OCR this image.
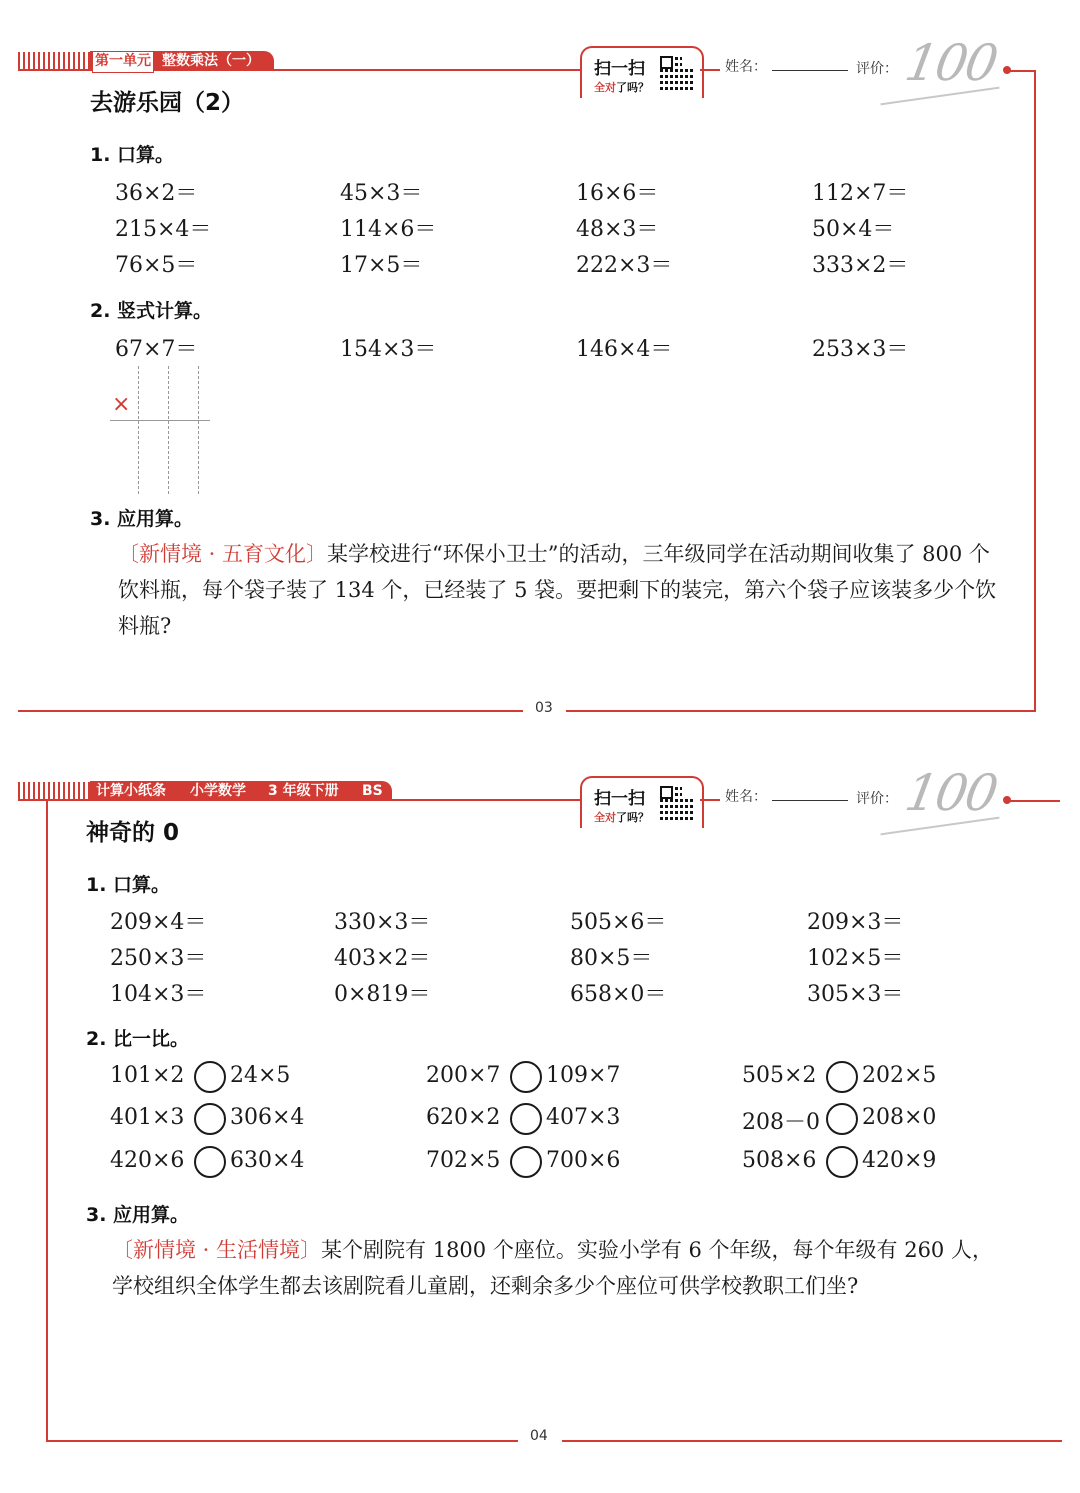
第一单元 整数乘法（一）	扫一扫
全对了吗？
姓名：	评价： 100
去游乐园（2）
1. 口算。
36×2＝	45×3＝	16×6＝	112×7＝
215×4＝	114×6＝	48×3＝	50×4＝
76×5＝	17×5＝	222×3＝	333×2＝
2. 竖式计算。
67×7＝	154×3＝	146×4＝	253×3＝
×
3. 应用算。
〔新情境 · 五育文化〕某学校进行“环保小卫士”的活动，三年级同学在活动期间收集了 800 个饮料瓶，每个袋子装了 134 个，已经装了 5 袋。要把剩下的装完，第六个袋子应该装多少个饮料瓶?
03
计算小纸条 小学数学 3 年级下册 BS	扫一扫
全对了吗？
姓名：	评价： 100
神奇的 0
1. 口算。
209×4＝	330×3＝	505×6＝	209×3＝
250×3＝	403×2＝	80×5＝	102×5＝
104×3＝	0×819＝	658×0＝	305×3＝
2. 比一比。
101×2 24×5	200×7 109×7	505×2 202×5
401×3 306×4	620×2 407×3	208－0 208×0
420×6 630×4	702×5 700×6	508×6 420×9
3. 应用算。
〔新情境 · 生活情境〕某个剧院有 1800 个座位。实验小学有 6 个年级，每个年级有 260 人，学校组织全体学生都去该剧院看儿童剧，还剩余多少个座位可供学校教职工们坐?
04
